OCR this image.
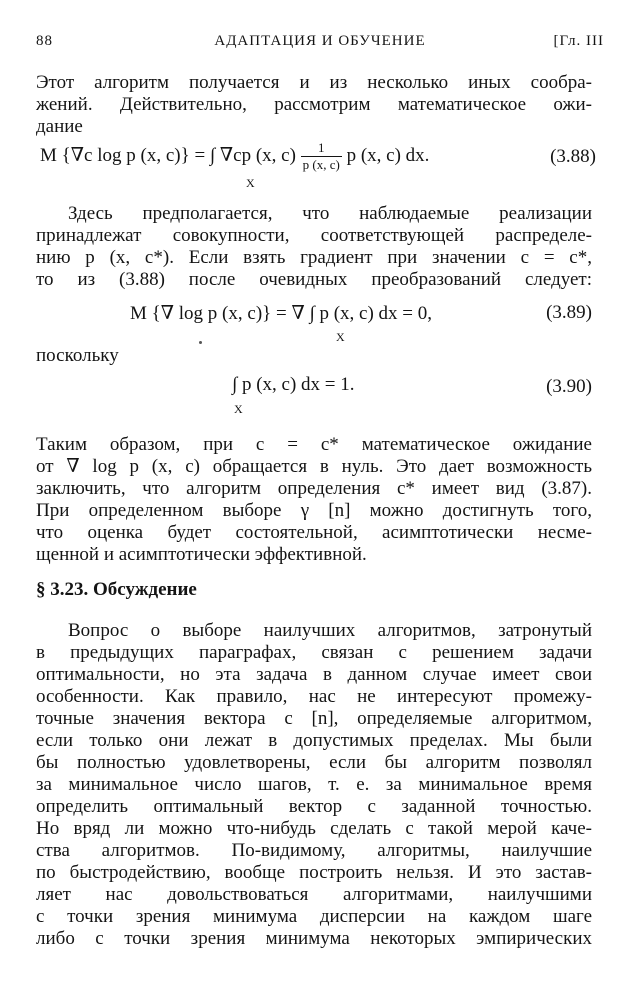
88	АДАПТАЦИЯ И ОБУЧЕНИЕ	[Гл. III
Этот алгоритм получается и из несколько иных сообра-
жений. Действительно, рассмотрим математическое ожи-
дание
M {∇c log p (x, c)} = ∫ ∇cp (x, $c) \frac{1}{p (x, c)}$ p (x, c) dx.
X
(3.88)
Здесь предполагается, что наблюдаемые реализации
принадлежат совокупности, соответствующей распределе-
нию p (x, c*). Если взять градиент при значении c = c*,
то из (3.88) после очевидных преобразований следует:
M {∇ log p (x, c)} = ∇ ∫ p (x, c) dx = 0,
X
(3.89)
поскольку
∫ p (x, c) dx = 1.
X
(3.90)
Таким образом, при c = c* математическое ожидание
от ∇ log p (x, c) обращается в нуль. Это дает возможность
заключить, что алгоритм определения c* имеет вид (3.87).
При определенном выборе γ [n] можно достигнуть того,
что оценка будет состоятельной, асимптотически несме-
щенной и асимптотически эффективной.
§ 3.23. Обсуждение
Вопрос о выборе наилучших алгоритмов, затронутый
в предыдущих параграфах, связан с решением задачи
оптимальности, но эта задача в данном случае имеет свои
особенности. Как правило, нас не интересуют промежу-
точные значения вектора c [n], определяемые алгоритмом,
если только они лежат в допустимых пределах. Мы были
бы полностью удовлетворены, если бы алгоритм позволял
за минимальное число шагов, т. е. за минимальное время
определить оптимальный вектор с заданной точностью.
Но вряд ли можно что-нибудь сделать с такой мерой каче-
ства алгоритмов. По-видимому, алгоритмы, наилучшие
по быстродействию, вообще построить нельзя. И это застав-
ляет нас довольствоваться алгоритмами, наилучшими
с точки зрения минимума дисперсии на каждом шаге
либо с точки зрения минимума некоторых эмпирических
